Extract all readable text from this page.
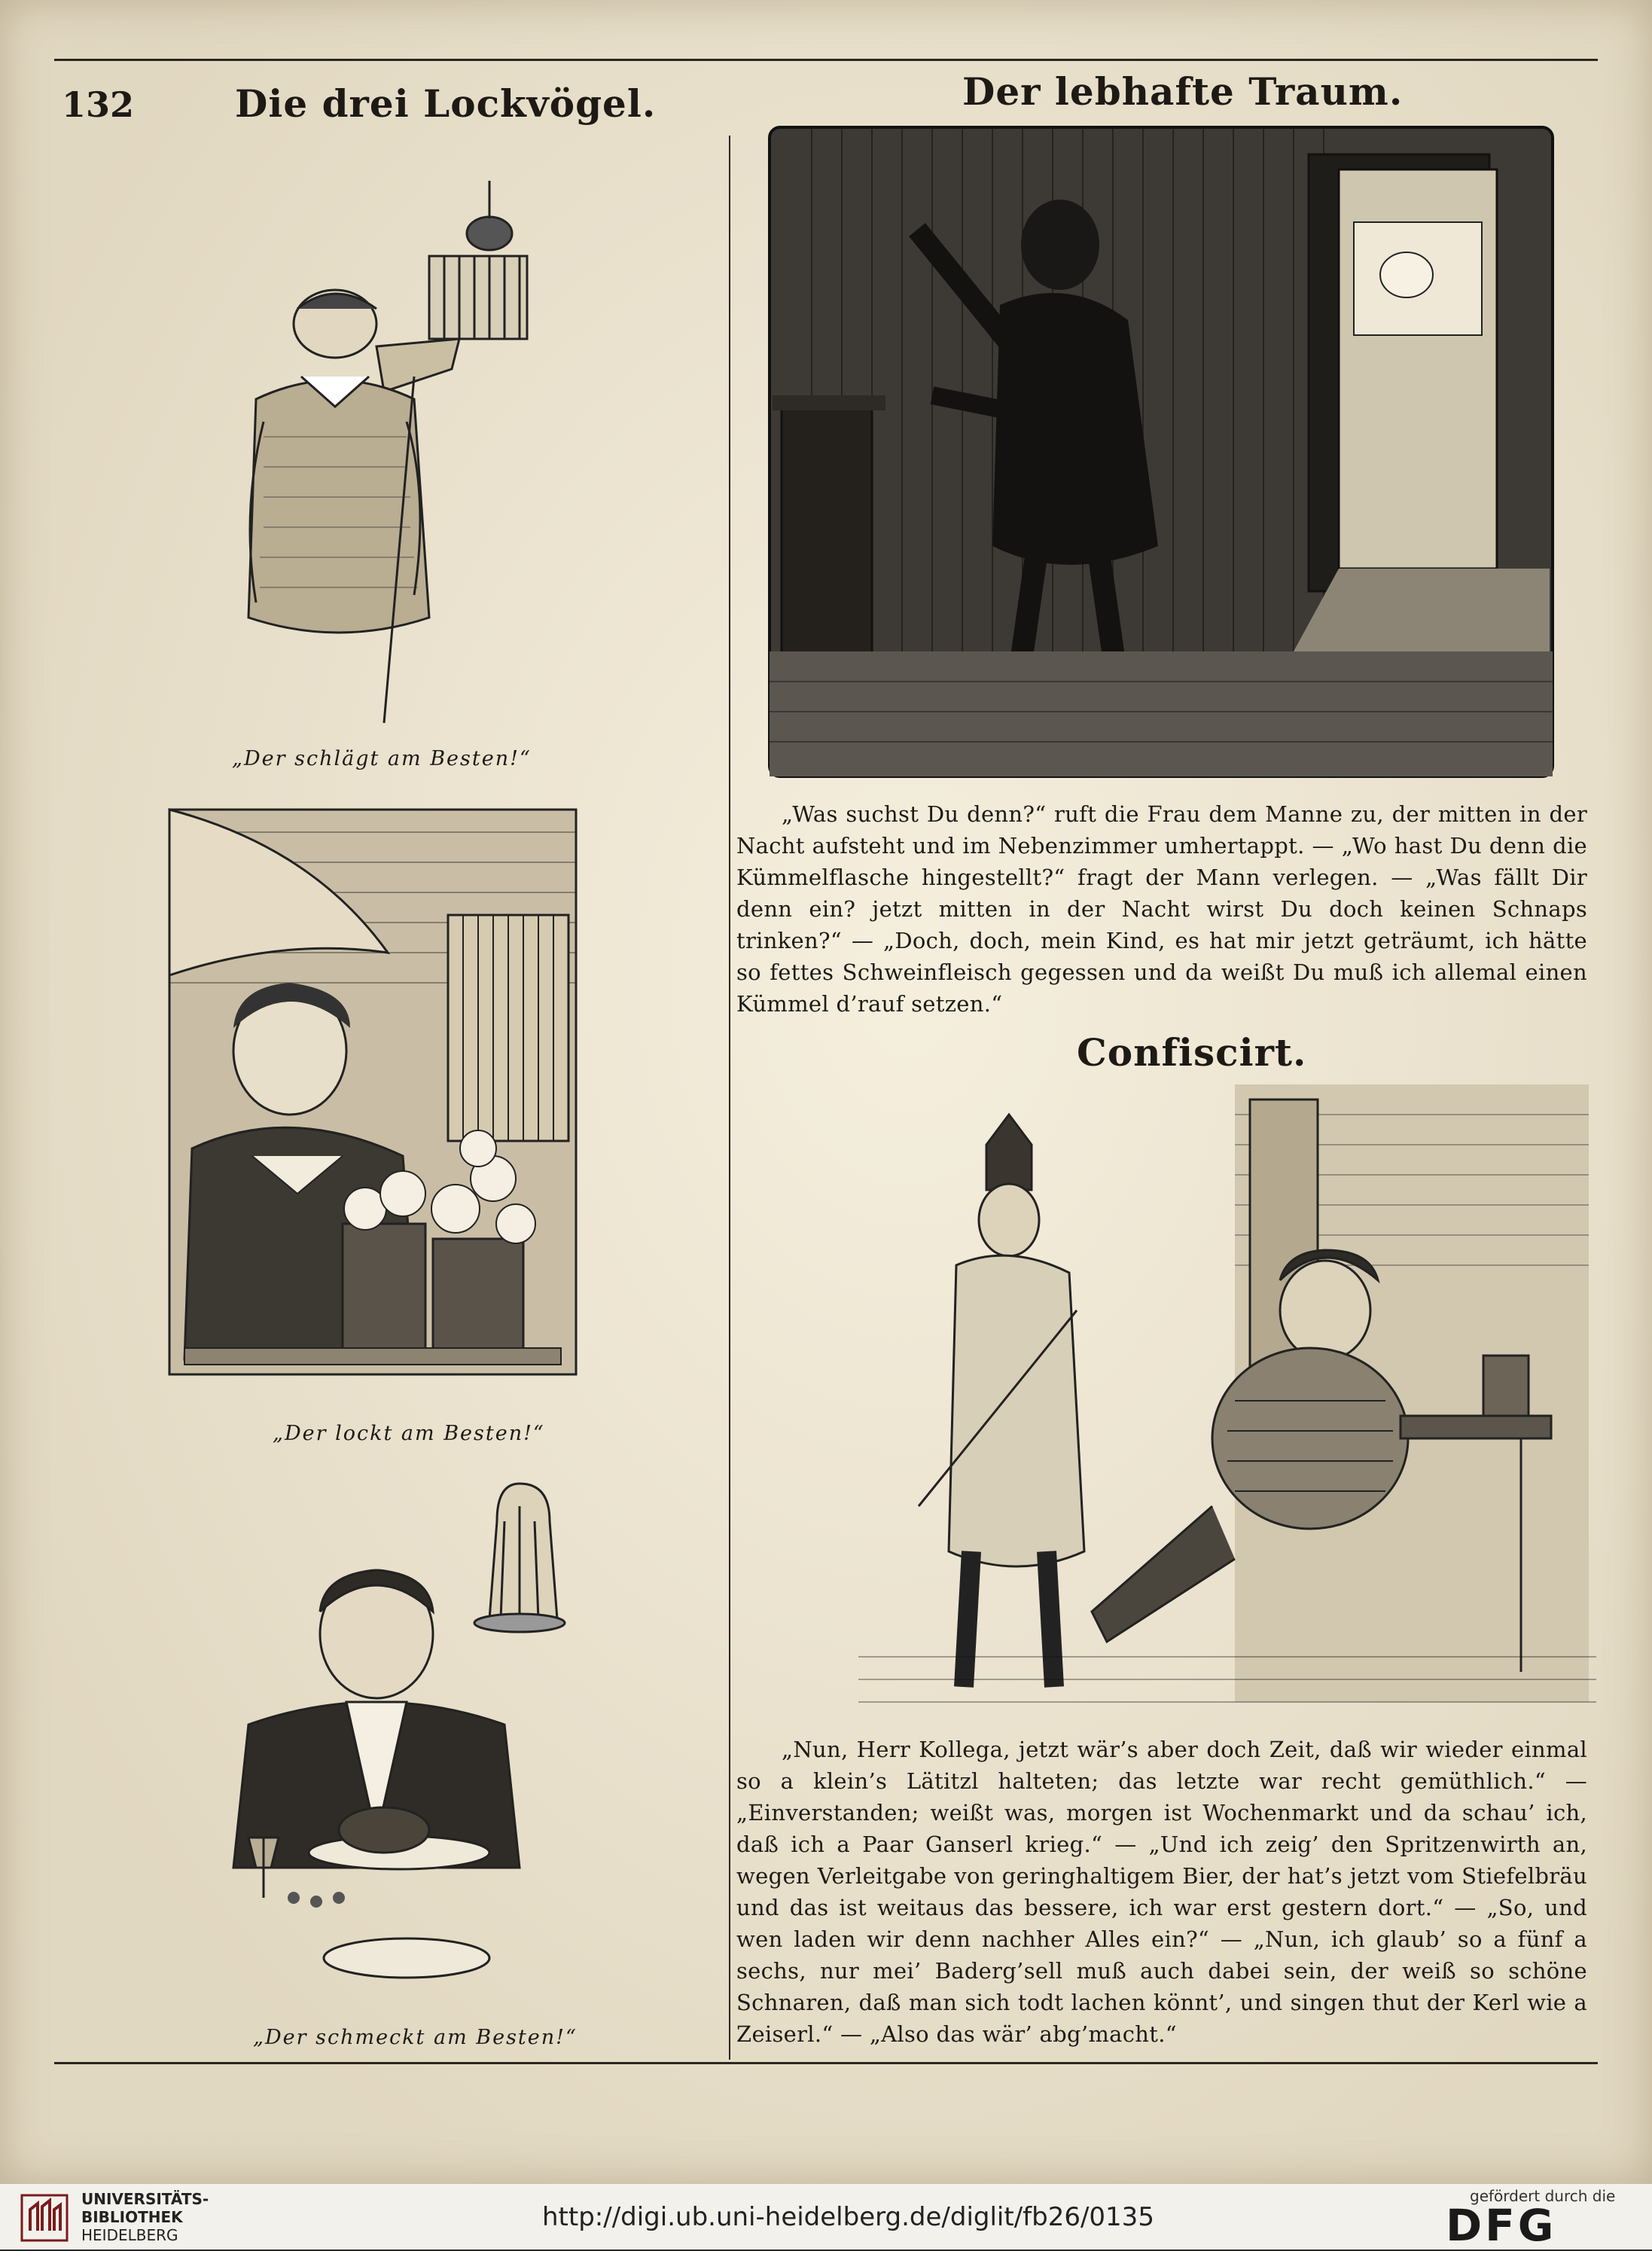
132	Die drei Lockvögel.	Der lebhafte Traum.
„Der schlägt am Besten!“
„Der lockt am Besten!“
„Der schmeckt am Besten!“

„Was suchst Du denn?“ ruft die Frau dem Manne zu, der mitten in der Nacht aufsteht und im Nebenzimmer umhertappt. — „Wo hast Du denn die Kümmelflasche hingestellt?“ fragt der Mann verlegen. — „Was fällt Dir denn ein? jetzt mitten in der Nacht wirst Du doch keinen Schnaps trinken?“ — „Doch, doch, mein Kind, es hat mir jetzt geträumt, ich hätte so fettes Schweinfleisch gegessen und da weißt Du muß ich allemal einen Kümmel d’rauf setzen.“

Confiscirt.

„Nun, Herr Kollega, jetzt wär’s aber doch Zeit, daß wir wieder einmal so a klein’s Lätitzl halteten; das letzte war recht gemüthlich.“ — „Einverstanden; weißt was, morgen ist Wochenmarkt und da schau’ ich, daß ich a Paar Ganserl krieg.“ — „Und ich zeig’ den Spritzenwirth an, wegen Verleitgabe von geringhaltigem Bier, der hat’s jetzt vom Stiefelbräu und das ist weitaus das bessere, ich war erst gestern dort.“ — „So, und wen laden wir denn nachher Alles ein?“ — „Nun, ich glaub’ so a fünf a sechs, nur mei’ Baderg’sell muß auch dabei sein, der weiß so schöne Schnaren, daß man sich todt lachen könnt’, und singen thut der Kerl wie a Zeiserl.“ — „Also das wär’ abg’macht.“

UNIVERSITÄTS-
BIBLIOTHEK
HEIDELBERG
http://digi.ub.uni-heidelberg.de/diglit/fb26/0135
gefördert durch die
DFG
